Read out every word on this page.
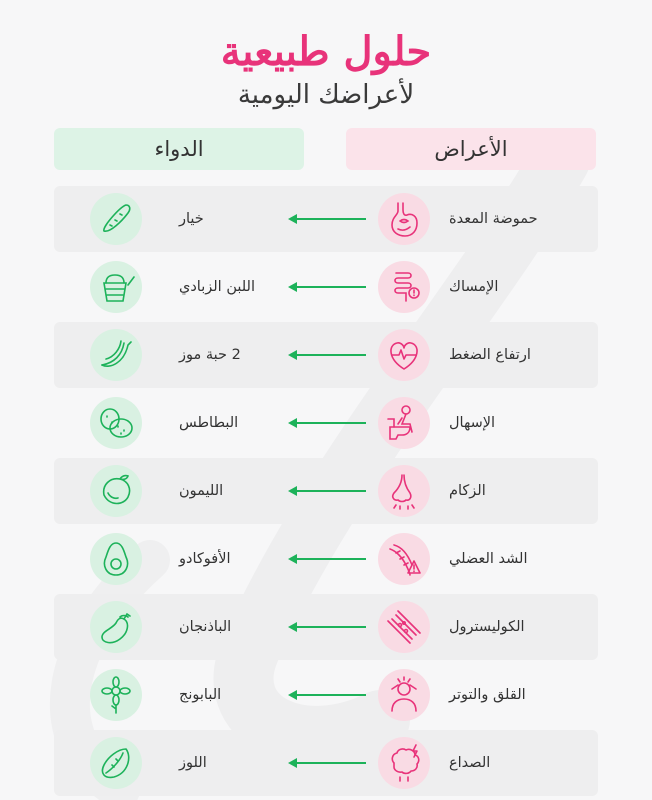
حلول طبيعية
لأعراضك اليومية
الأعراض
الدواء
حموضة المعدة
خيار
الإمساك
اللبن الزبادي
ارتفاع الضغط
2 حبة موز
الإسهال
البطاطس
الزكام
الليمون
الشد العضلي
الأفوكادو
الكوليسترول
الباذنجان
القلق والتوتر
البابونج
الصداع
اللوز
